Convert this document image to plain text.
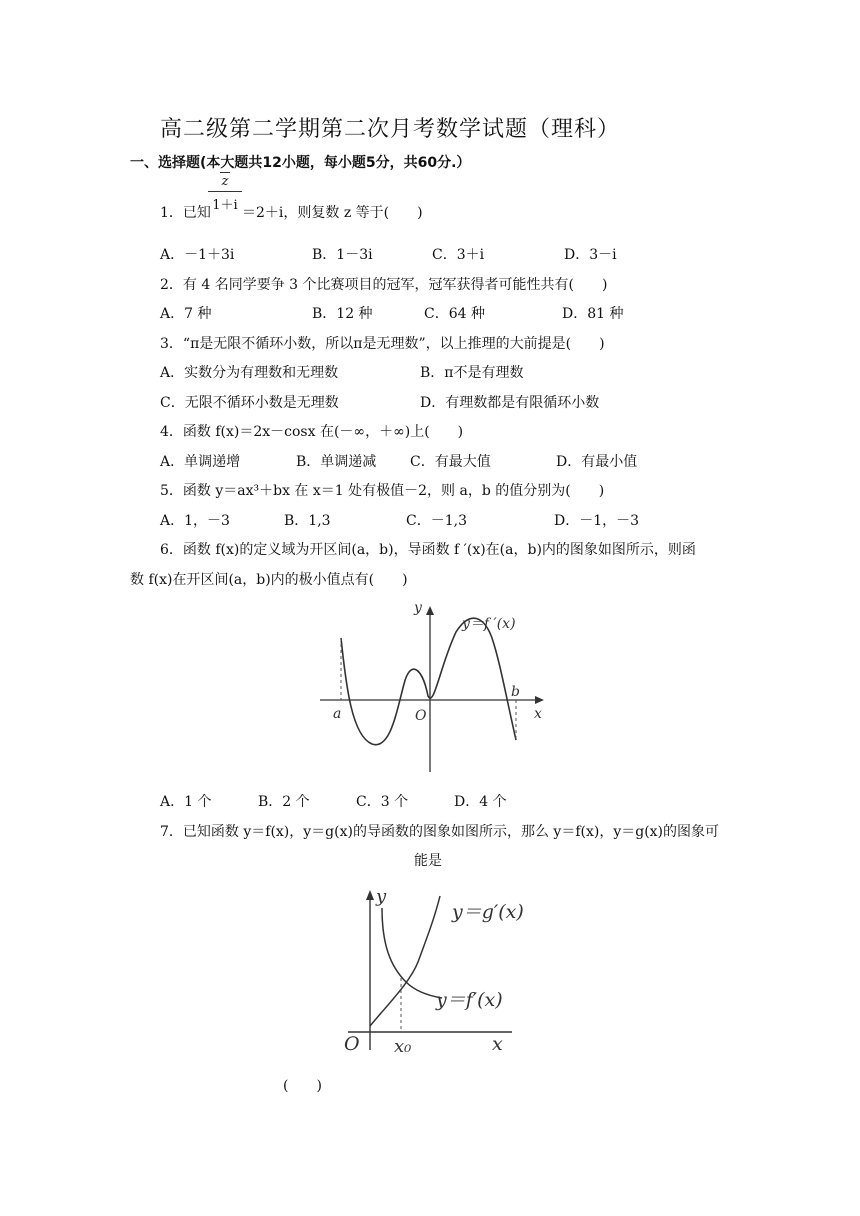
高二级第二学期第二次月考数学试题（理科）
一、选择题(本大题共12小题，每小题5分，共60分.）
1．已知
z
1＋i ＝2＋i，则复数 z 等于(　　)
A．－1＋3i	B．1－3i	C．3＋i	D．3－i
2．有 4 名同学要争 3 个比赛项目的冠军，冠军获得者可能性共有(　　)
A．7 种	B．12 种	C．64 种	D．81 种
3．“π是无限不循环小数，所以π是无理数”，以上推理的大前提是(　　)
A．实数分为有理数和无理数	B．π不是有理数
C．无限不循环小数是无理数	D．有理数都是有限循环小数
4．函数 f(x)＝2x－cosx 在(－∞，＋∞)上(　　)
A．单调递增	B．单调递减 C．有最大值	D．有最小值
5．函数 y＝ax³＋bx 在 x＝1 处有极值－2，则 a，b 的值分别为(　　)
A．1，－3	B．1,3	C．－1,3	D．－1，－3
6．函数 f(x)的定义域为开区间(a，b)，导函数 f ′(x)在(a，b)内的图象如图所示，则函
数 f(x)在开区间(a，b)内的极小值点有(　　)
y＝f ′(x)
y
x
a
b
O
A．1 个	B．2 个	C．3 个	D．4 个
7．已知函数 y＝f(x)，y＝g(x)的导函数的图象如图所示，那么 y＝f(x)，y＝g(x)的图象可
能是
y＝g′(x)
y＝f′(x)
y
x
O x₀
(　　)
